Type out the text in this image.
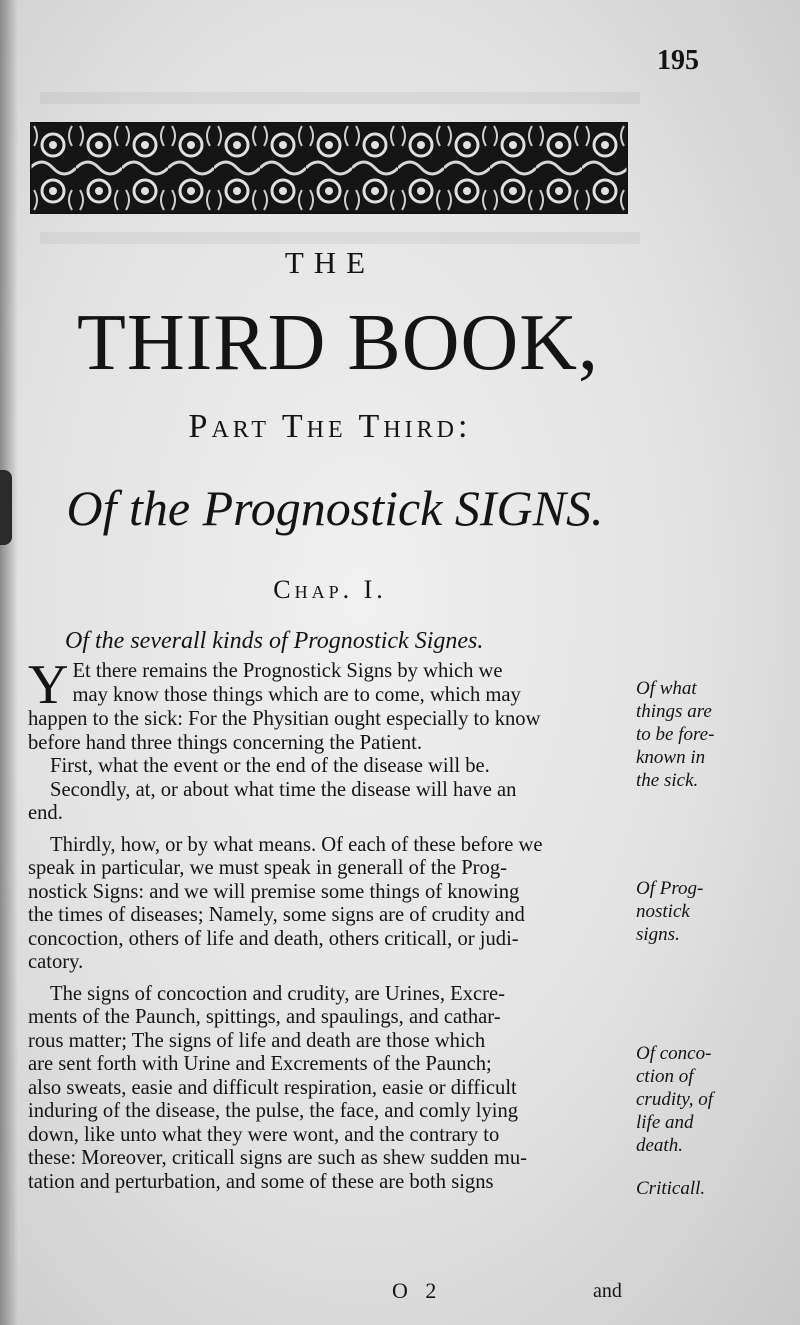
195
THE
THIRD BOOK,
Part The Third:
Of the Prognostick SIGNS.
Chap. I.
Of the severall kinds of Prognostick Signes.
Y Et there remains the Prognostick Signs by which we
may know those things which are to come, which may
happen to the sick: For the Physitian ought especially to know
before hand three things concerning the Patient.
First, what the event or the end of the disease will be.
Secondly, at, or about what time the disease will have an
end.
Thirdly, how, or by what means. Of each of these before we
speak in particular, we must speak in generall of the Prog-
nostick Signs: and we will premise some things of knowing
the times of diseases; Namely, some signs are of crudity and
concoction, others of life and death, others criticall, or judi-
catory.
The signs of concoction and crudity, are Urines, Excre-
ments of the Paunch, spittings, and spaulings, and cathar-
rous matter; The signs of life and death are those which
are sent forth with Urine and Excrements of the Paunch;
also sweats, easie and difficult respiration, easie or difficult
induring of the disease, the pulse, the face, and comly lying
down, like unto what they were wont, and the contrary to
these: Moreover, criticall signs are such as shew sudden mu-
tation and perturbation, and some of these are both signs
Of what
things are
to be fore-
known in
the sick.
Of Prog-
nostick
signs.
Of conco-
ction of
crudity, of
life and
death.
Criticall.
O 2	and
